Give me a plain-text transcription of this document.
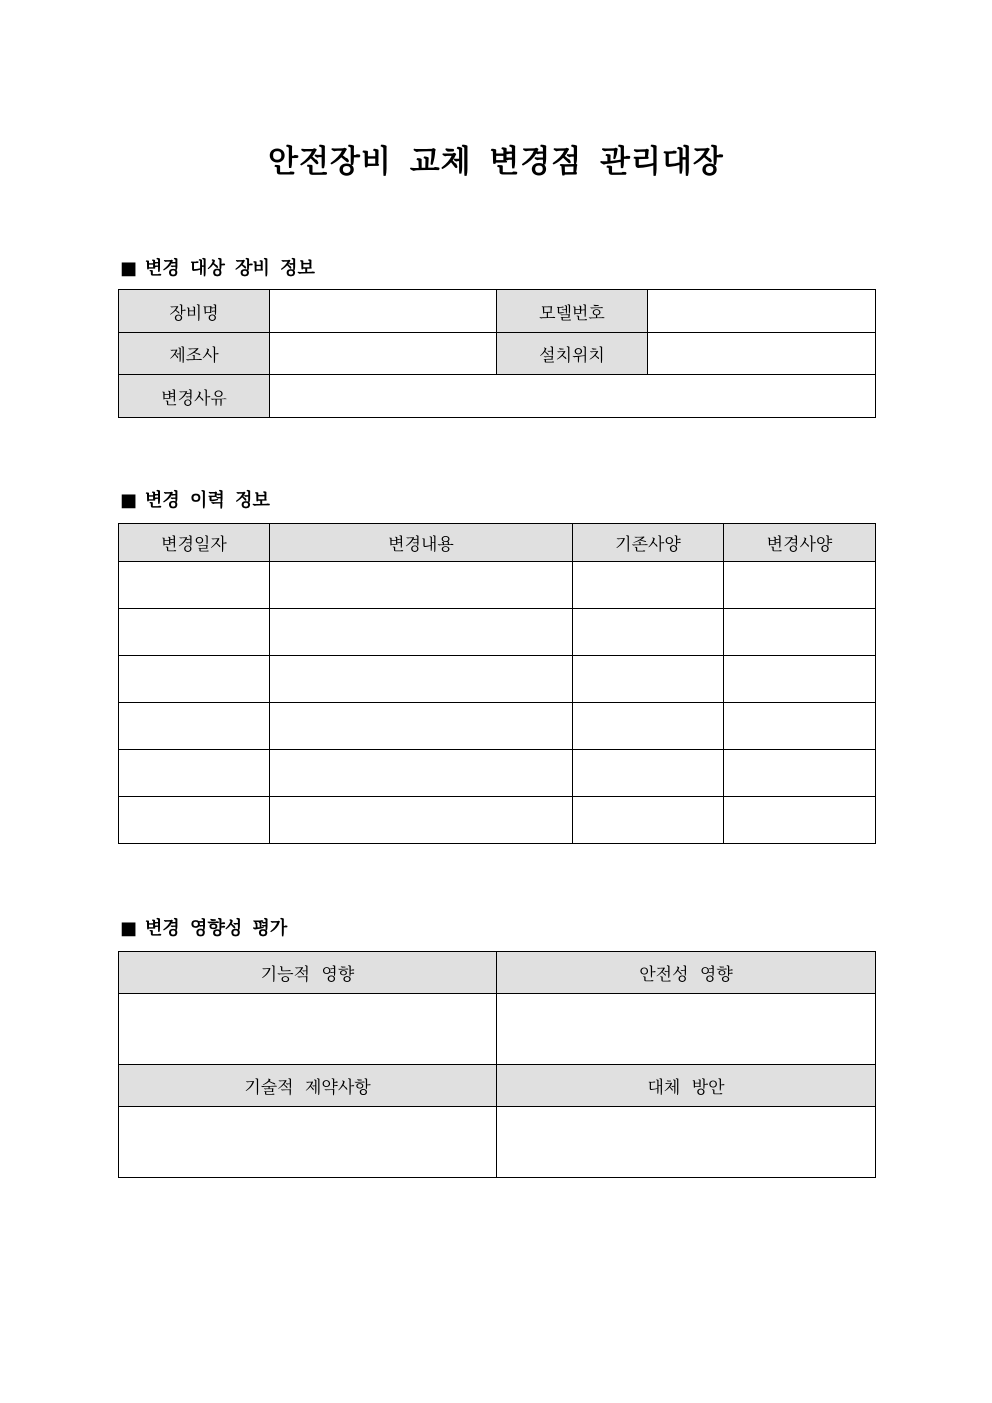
안전장비 교체 변경점 관리대장
■ 변경 대상 장비 정보
장비명		모델번호	
제조사		설치위치	
변경사유			
■ 변경 이력 정보
변경일자	변경내용	기존사양	변경사양

■ 변경 영향성 평가
기능적 영향	안전성 영향

기술적 제약사항	대체 방안
